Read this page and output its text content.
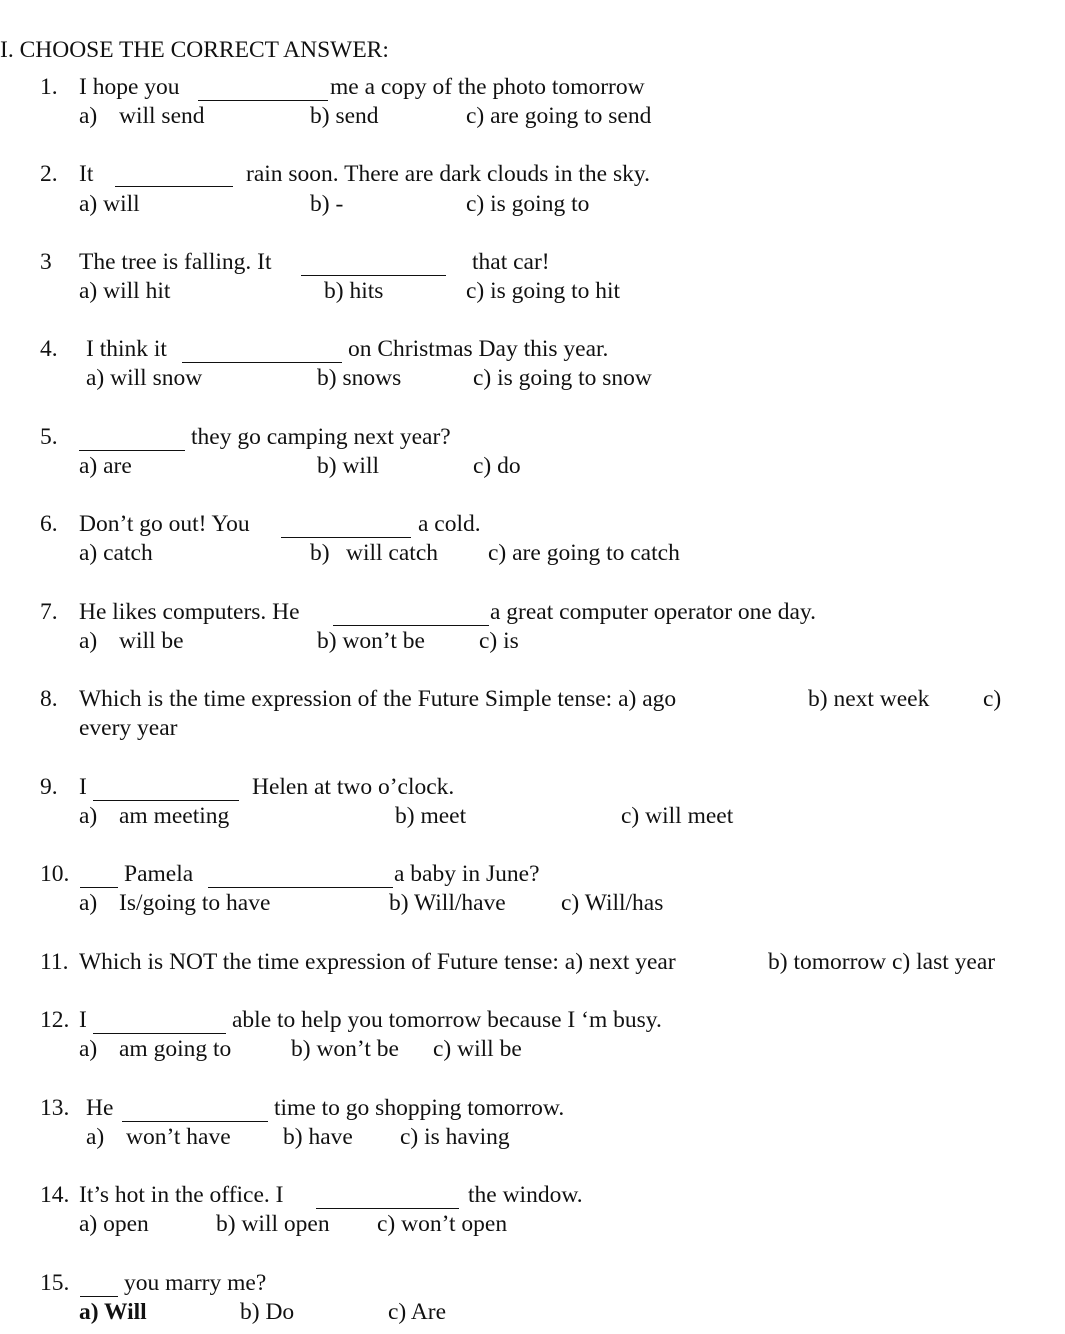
I. CHOOSE THE CORRECT ANSWER:
1. I hope you	me a copy of the photo tomorrow
a) will send	b) send	c) are going to send
2. It	rain soon. There are dark clouds in the sky.
a) will	b) -	c) is going to
3 The tree is falling. It	that car!
a) will hit	b) hits	c) is going to hit
4. I think it	on Christmas Day this year.
a) will snow	b) snows	c) is going to snow
5.	they go camping next year?
a) are	b) will	c) do
6. Don’t go out! You	a cold.
a) catch	b) will catch c) are going to catch
7. He likes computers. He	a great computer operator one day.
a) will be	b) won’t be c) is
8. Which is the time expression of the Future Simple tense: a) ago	b) next week c)
every year
9. I	Helen at two o’clock.
a) am meeting	b) meet	c) will meet
10. Pamela	a baby in June?
a) Is/going to have	b) Will/have c) Will/has
11. Which is NOT the time expression of Future tense: a) next year	b) tomorrow c) last year
12. I	able to help you tomorrow because I ‘m busy.
a) am going to	b) won’t be c) will be
13. He	time to go shopping tomorrow.
a) won’t have b) have c) is having
14. It’s hot in the office. I	the window.
a) open	b) will open c) won’t open
15. you marry me?
a) Will	b) Do	c) Are
